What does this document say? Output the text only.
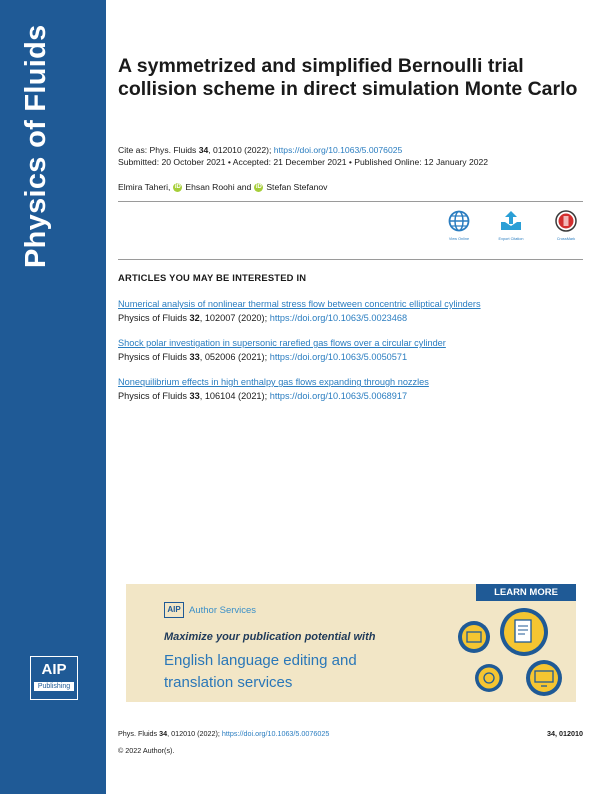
Physics of Fluids
AIP
Publishing
A symmetrized and simplified Bernoulli trial collision scheme in direct simulation Monte Carlo
Cite as: Phys. Fluids 34, 012010 (2022); https://doi.org/10.1063/5.0076025
Submitted: 20 October 2021 • Accepted: 21 December 2021 • Published Online: 12 January 2022
Elmira Taheri, iD Ehsan Roohi and iD Stefan Stefanov
View Online	Export Citation	CrossMark
ARTICLES YOU MAY BE INTERESTED IN
Numerical analysis of nonlinear thermal stress flow between concentric elliptical cylinders
Physics of Fluids 32, 102007 (2020); https://doi.org/10.1063/5.0023468
Shock polar investigation in supersonic rarefied gas flows over a circular cylinder
Physics of Fluids 33, 052006 (2021); https://doi.org/10.1063/5.0050571
Nonequilibrium effects in high enthalpy gas flows expanding through nozzles
Physics of Fluids 33, 106104 (2021); https://doi.org/10.1063/5.0068917
LEARN MORE
AIP Author Services
Maximize your publication potential with
English language editing and
translation services
Phys. Fluids 34, 012010 (2022); https://doi.org/10.1063/5.0076025	34, 012010
© 2022 Author(s).
